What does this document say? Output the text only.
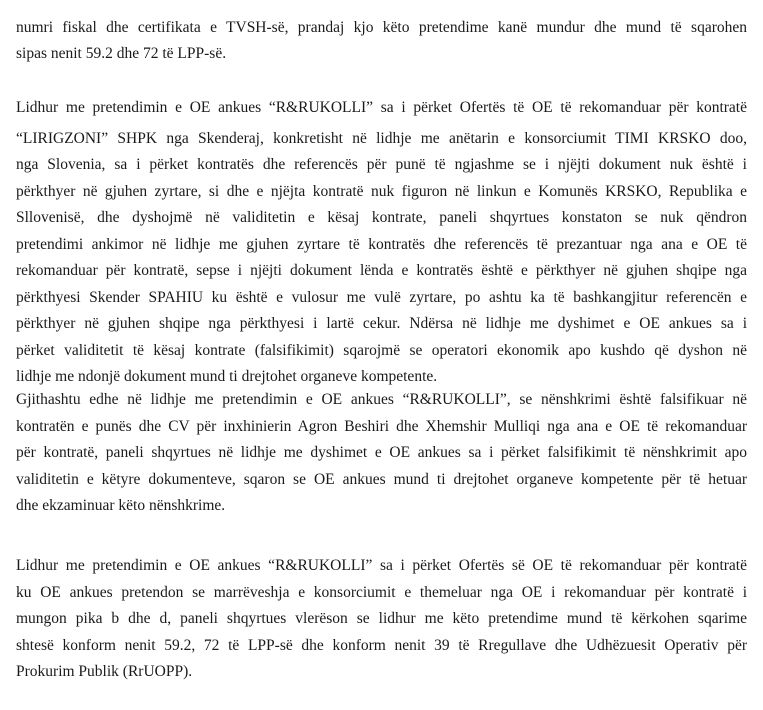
numri fiskal dhe certifikata e TVSH-së, prandaj kjo këto pretendime kanë mundur dhe mund të sqarohen
sipas nenit 59.2 dhe 72 të LPP-së.
Lidhur me pretendimin e OE ankues “R&RUKOLLI” sa i përket Ofertës të OE të rekomanduar për kontratë
“LIRIGZONI” SHPK nga Skenderaj, konkretisht në lidhje me anëtarin e konsorciumit TIMI KRSKO doo,
nga Slovenia, sa i përket kontratës dhe referencës për punë të ngjashme se i njëjti dokument nuk është i
përkthyer në gjuhen zyrtare, si dhe e njëjta kontratë nuk figuron në linkun e Komunës KRSKO, Republika e
Sllovenisë, dhe dyshojmë në validitetin e kësaj kontrate, paneli shqyrtues konstaton se nuk qëndron
pretendimi ankimor në lidhje me gjuhen zyrtare të kontratës dhe referencës të prezantuar nga ana e OE të
rekomanduar për kontratë, sepse i njëjti dokument lënda e kontratës është e përkthyer në gjuhen shqipe nga
përkthyesi Skender SPAHIU ku është e vulosur me vulë zyrtare, po ashtu ka të bashkangjitur referencën e
përkthyer në gjuhen shqipe nga përkthyesi i lartë cekur. Ndërsa në lidhje me dyshimet e OE ankues sa i
përket validitetit të kësaj kontrate (falsifikimit) sqarojmë se operatori ekonomik apo kushdo që dyshon në
lidhje me ndonjë dokument mund ti drejtohet organeve kompetente.
Gjithashtu edhe në lidhje me pretendimin e OE ankues “R&RUKOLLI”, se nënshkrimi është falsifikuar në
kontratën e punës dhe CV për inxhinierin Agron Beshiri dhe Xhemshir Mulliqi nga ana e OE të rekomanduar
për kontratë, paneli shqyrtues në lidhje me dyshimet e OE ankues sa i përket falsifikimit të nënshkrimit apo
validitetin e këtyre dokumenteve, sqaron se OE ankues mund ti drejtohet organeve kompetente për të hetuar
dhe ekzaminuar këto nënshkrime.
Lidhur me pretendimin e OE ankues “R&RUKOLLI” sa i përket Ofertës së OE të rekomanduar për kontratë
ku OE ankues pretendon se marrëveshja e konsorciumit e themeluar nga OE i rekomanduar për kontratë i
mungon pika b dhe d, paneli shqyrtues vlerëson se lidhur me këto pretendime mund të kërkohen sqarime
shtesë konform nenit 59.2, 72 të LPP-së dhe konform nenit 39 të Rregullave dhe Udhëzuesit Operativ për
Prokurim Publik (RrUOPP).
